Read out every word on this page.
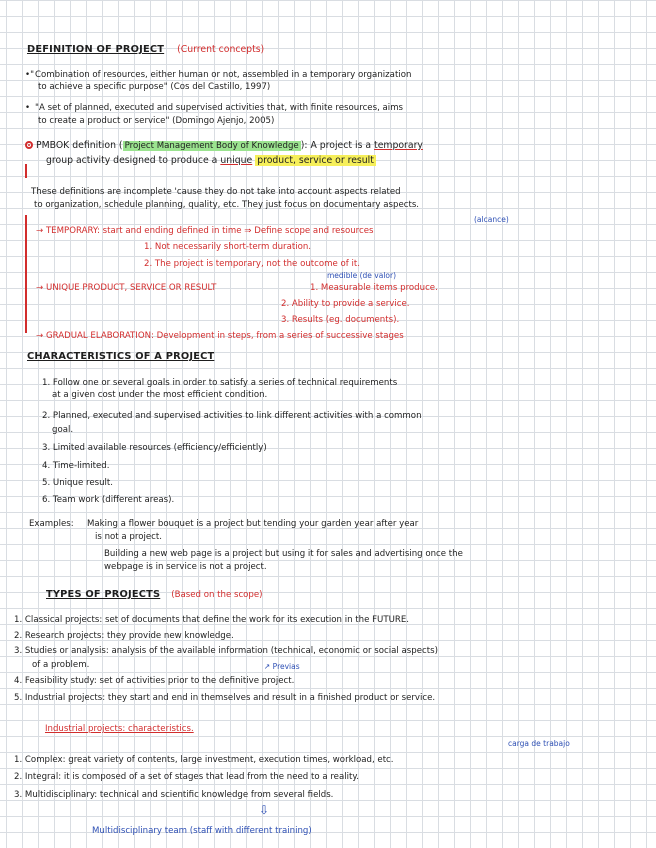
DEFINITION OF PROJECT (Current concepts)
•"Combination of resources, either human or not, assembled in a temporary organization
to achieve a specific purpose" (Cos del Castillo, 1997)
• "A set of planned, executed and supervised activities that, with finite resources, aims
to create a product or service" (Domingo Ajenjo, 2005)
PMBOK definition ( Project Management Body of Knowledge ): A project is a temporary
group activity designed to produce a unique product, service or result
These definitions are incomplete 'cause they do not take into account aspects related
to organization, schedule planning, quality, etc. They just focus on documentary aspects.
(alcance)
→ TEMPORARY: start and ending defined in time ⇒ Define scope and resources
1. Not necessarily short-term duration.
2. The project is temporary, not the outcome of it.
medible (de valor)
→ UNIQUE PRODUCT, SERVICE OR RESULT	1. Measurable items produce.
2. Ability to provide a service.
3. Results (eg. documents).
→ GRADUAL ELABORATION: Development in steps, from a series of successive stages
CHARACTERISTICS OF A PROJECT
1. Follow one or several goals in order to satisfy a series of technical requirements
at a given cost under the most efficient condition.
2. Planned, executed and supervised activities to link different activities with a common
goal.
3. Limited available resources (efficiency/efficiently)
4. Time-limited.
5. Unique result.
6. Team work (different areas).
Examples: Making a flower bouquet is a project but tending your garden year after year
is not a project.
Building a new web page is a project but using it for sales and advertising once the
webpage is in service is not a project.
TYPES OF PROJECTS (Based on the scope)
1. Classical projects: set of documents that define the work for its execution in the FUTURE.
2. Research projects: they provide new knowledge.
3. Studies or analysis: analysis of the available information (technical, economic or social aspects)
of a problem.	↗ Previas
4. Feasibility study: set of activities prior to the definitive project.
5. Industrial projects: they start and end in themselves and result in a finished product or service.
Industrial projects: characteristics.
carga de trabajo
1. Complex: great variety of contents, large investment, execution times, workload, etc.
2. Integral: it is composed of a set of stages that lead from the need to a reality.
3. Multidisciplinary: technical and scientific knowledge from several fields.
⇩
Multidisciplinary team (staff with different training)
